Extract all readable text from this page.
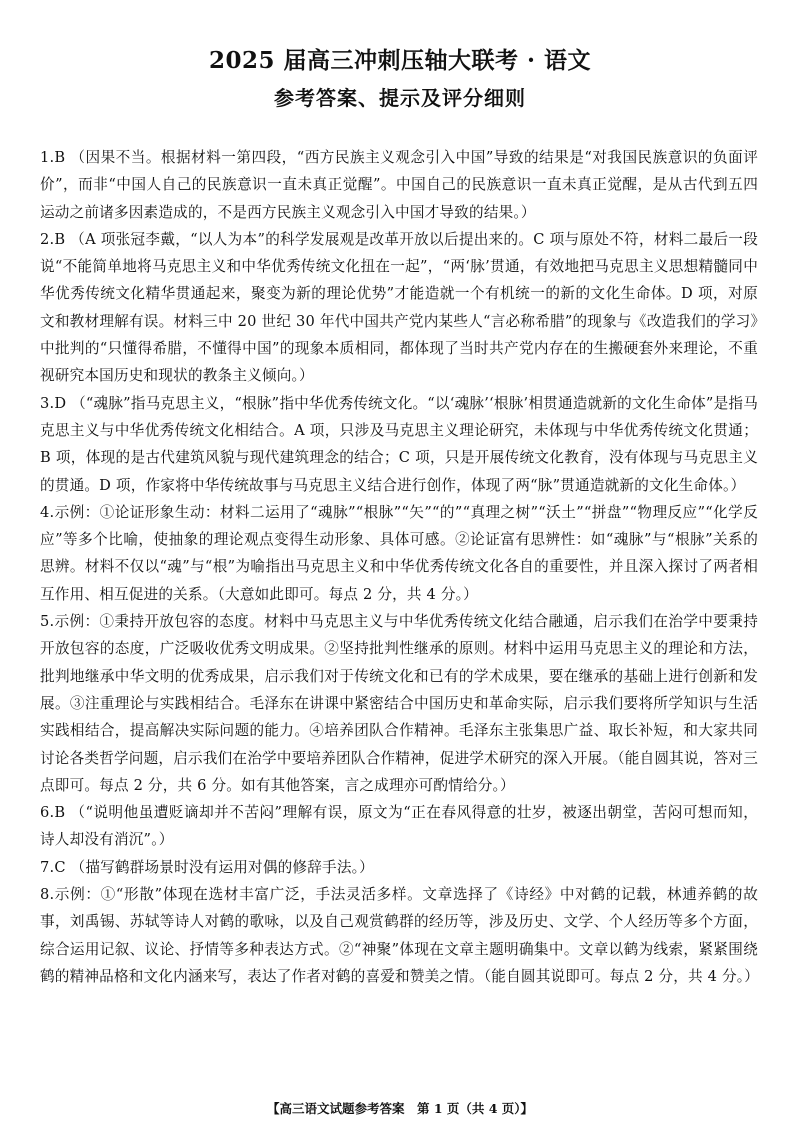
2025 届高三冲刺压轴大联考 · 语文
参考答案、提示及评分细则

1.B （因果不当。根据材料一第四段，“西方民族主义观念引入中国”导致的结果是“对我国民族意识的负面评价”，而非“中国人自己的民族意识一直未真正觉醒”。中国自己的民族意识一直未真正觉醒，是从古代到五四运动之前诸多因素造成的，不是西方民族主义观念引入中国才导致的结果。）

2.B （A 项张冠李戴，“以人为本”的科学发展观是改革开放以后提出来的。C 项与原处不符，材料二最后一段说“不能简单地将马克思主义和中华优秀传统文化扭在一起”，“两‘脉’贯通，有效地把马克思主义思想精髓同中华优秀传统文化精华贯通起来，聚变为新的理论优势”才能造就一个有机统一的新的文化生命体。D 项，对原文和教材理解有误。材料三中 20 世纪 30 年代中国共产党内某些人“言必称希腊”的现象与《改造我们的学习》中批判的“只懂得希腊，不懂得中国”的现象本质相同，都体现了当时共产党内存在的生搬硬套外来理论，不重视研究本国历史和现状的教条主义倾向。）

3.D （“魂脉”指马克思主义，“根脉”指中华优秀传统文化。“以‘魂脉’‘根脉’相贯通造就新的文化生命体”是指马克思主义与中华优秀传统文化相结合。A 项，只涉及马克思主义理论研究，未体现与中华优秀传统文化贯通；B 项，体现的是古代建筑风貌与现代建筑理念的结合；C 项，只是开展传统文化教育，没有体现与马克思主义的贯通。D 项，作家将中华传统故事与马克思主义结合进行创作，体现了两“脉”贯通造就新的文化生命体。）

4.示例：①论证形象生动：材料二运用了“魂脉”“根脉”“矢”“的”“真理之树”“沃土”“拼盘”“物理反应”“化学反应”等多个比喻，使抽象的理论观点变得生动形象、具体可感。②论证富有思辨性：如“魂脉”与“根脉”关系的思辨。材料不仅以“魂”与“根”为喻指出马克思主义和中华优秀传统文化各自的重要性，并且深入探讨了两者相互作用、相互促进的关系。（大意如此即可。每点 2 分，共 4 分。）

5.示例：①秉持开放包容的态度。材料中马克思主义与中华优秀传统文化结合融通，启示我们在治学中要秉持开放包容的态度，广泛吸收优秀文明成果。②坚持批判性继承的原则。材料中运用马克思主义的理论和方法，批判地继承中华文明的优秀成果，启示我们对于传统文化和已有的学术成果，要在继承的基础上进行创新和发展。③注重理论与实践相结合。毛泽东在讲课中紧密结合中国历史和革命实际，启示我们要将所学知识与生活实践相结合，提高解决实际问题的能力。④培养团队合作精神。毛泽东主张集思广益、取长补短，和大家共同讨论各类哲学问题，启示我们在治学中要培养团队合作精神，促进学术研究的深入开展。（能自圆其说，答对三点即可。每点 2 分，共 6 分。如有其他答案，言之成理亦可酌情给分。）

6.B （“说明他虽遭贬谪却并不苦闷”理解有误，原文为“正在春风得意的壮岁，被逐出朝堂，苦闷可想而知，诗人却没有消沉”。）

7.C （描写鹤群场景时没有运用对偶的修辞手法。）

8.示例：①“形散”体现在选材丰富广泛，手法灵活多样。文章选择了《诗经》中对鹤的记载，林逋养鹤的故事，刘禹锡、苏轼等诗人对鹤的歌咏，以及自己观赏鹤群的经历等，涉及历史、文学、个人经历等多个方面，综合运用记叙、议论、抒情等多种表达方式。②“神聚”体现在文章主题明确集中。文章以鹤为线索，紧紧围绕鹤的精神品格和文化内涵来写，表达了作者对鹤的喜爱和赞美之情。（能自圆其说即可。每点 2 分，共 4 分。）

【高三语文试题参考答案　第 1 页（共 4 页）】
